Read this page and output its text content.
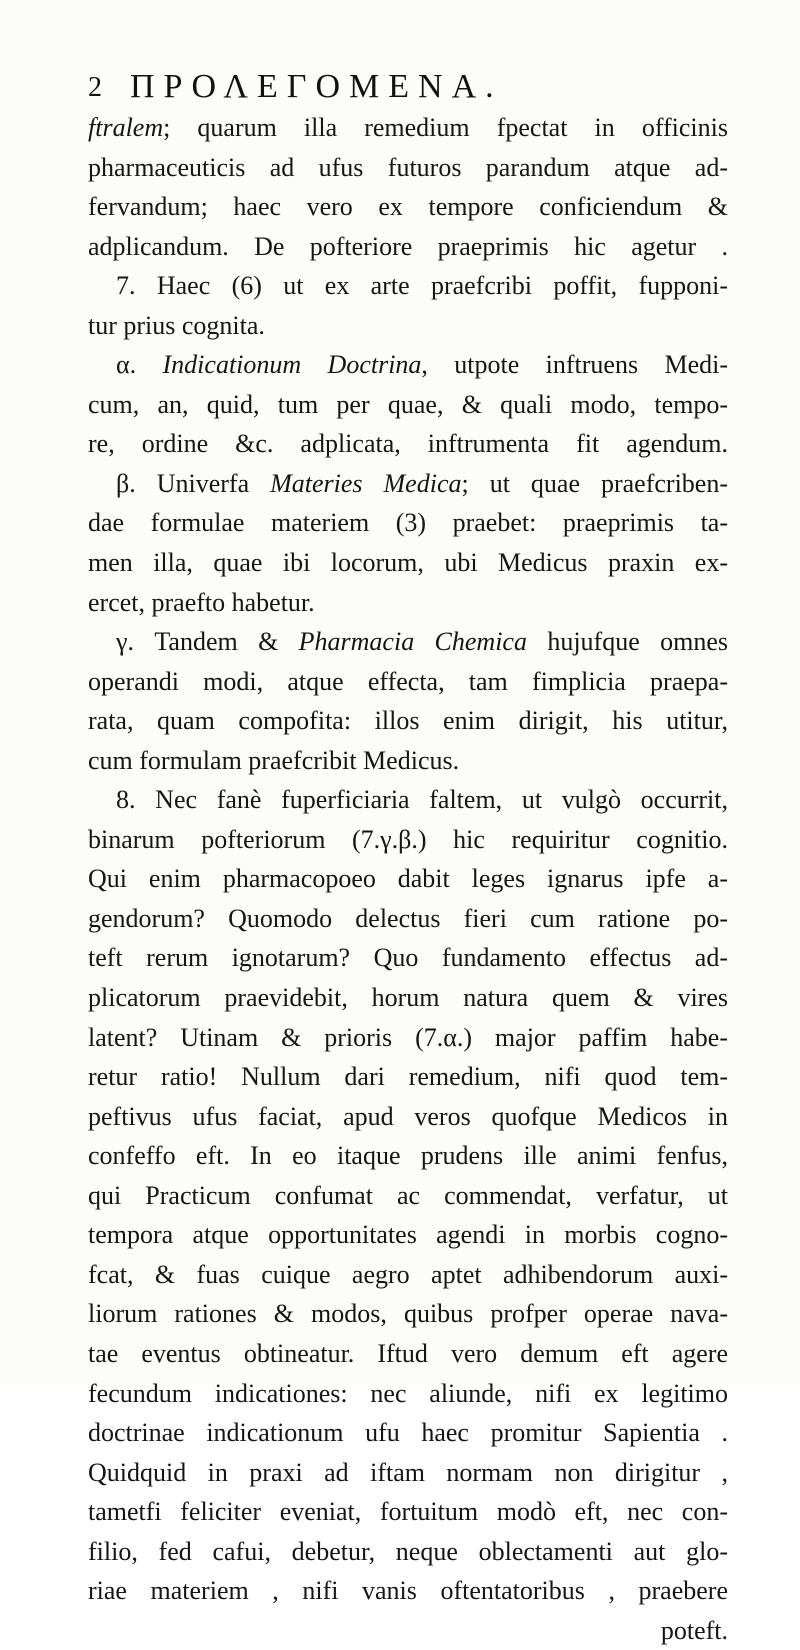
2 ΠΡΟΛΕΓΟΜΕΝΑ.
ftralem; quarum illa remedium fpectat in officinis
pharmaceuticis ad ufus futuros parandum atque ad-
fervandum; haec vero ex tempore conficiendum &
adplicandum. De pofteriore praeprimis hic agetur .
7. Haec (6) ut ex arte praefcribi poffit, fupponi-
tur prius cognita.
α. Indicationum Doctrina, utpote inftruens Medi-
cum, an, quid, tum per quae, & quali modo, tempo-
re, ordine &c. adplicata, inftrumenta fit agendum.
β. Univerfa Materies Medica; ut quae praefcriben-
dae formulae materiem (3) praebet: praeprimis ta-
men illa, quae ibi locorum, ubi Medicus praxin ex-
ercet, praefto habetur.
γ. Tandem & Pharmacia Chemica hujufque omnes
operandi modi, atque effecta, tam fimplicia praepa-
rata, quam compofita: illos enim dirigit, his utitur,
cum formulam praefcribit Medicus.
8. Nec fanè fuperficiaria faltem, ut vulgò occurrit,
binarum pofteriorum (7.γ.β.) hic requiritur cognitio.
Qui enim pharmacopoeo dabit leges ignarus ipfe a-
gendorum? Quomodo delectus fieri cum ratione po-
teft rerum ignotarum? Quo fundamento effectus ad-
plicatorum praevidebit, horum natura quem & vires
latent? Utinam & prioris (7.α.) major paffim habe-
retur ratio! Nullum dari remedium, nifi quod tem-
peftivus ufus faciat, apud veros quofque Medicos in
confeffo eft. In eo itaque prudens ille animi fenfus,
qui Practicum confumat ac commendat, verfatur, ut
tempora atque opportunitates agendi in morbis cogno-
fcat, & fuas cuique aegro aptet adhibendorum auxi-
liorum rationes & modos, quibus profper operae nava-
tae eventus obtineatur. Iftud vero demum eft agere
fecundum indicationes: nec aliunde, nifi ex legitimo
doctrinae indicationum ufu haec promitur Sapientia .
Quidquid in praxi ad iftam normam non dirigitur ,
tametfi feliciter eveniat, fortuitum modò eft, nec con-
filio, fed cafui, debetur, neque oblectamenti aut glo-
riae materiem , nifi vanis oftentatoribus , praebere
poteft.
